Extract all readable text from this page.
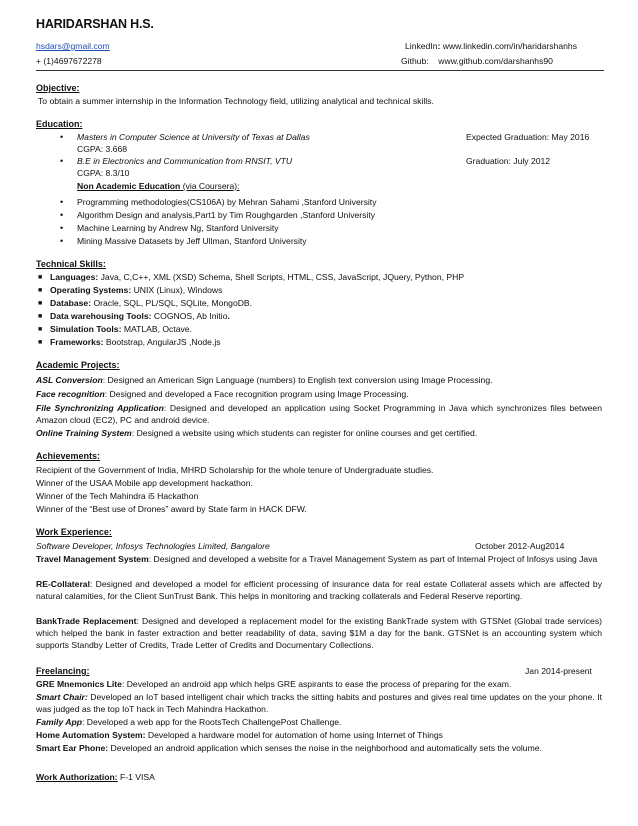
HARIDARSHAN H.S.
hsdars@gmail.com
+ (1)4697672278
LinkedIn: www.linkedin.com/in/haridarshanhs
Github: www.github.com/darshanhs90
Objective:
To obtain a summer internship in the Information Technology field, utilizing analytical and technical skills.
Education:
• Masters in Computer Science at University of Texas at Dallas	Expected Graduation: May 2016
CGPA: 3.668
• B.E in Electronics and Communication from RNSIT, VTU	Graduation: July 2012
CGPA: 8.3/10
Non Academic Education (via Coursera):
• Programming methodologies(CS106A) by Mehran Sahami ,Stanford University
• Algorithm Design and analysis,Part1 by Tim Roughgarden ,Stanford University
• Machine Learning by Andrew Ng, Stanford University
• Mining Massive Datasets by Jeff Ullman, Stanford University
Technical Skills:
■ Languages: Java, C,C++, XML (XSD) Schema, Shell Scripts, HTML, CSS, JavaScript, JQuery, Python, PHP
■ Operating Systems: UNIX (Linux), Windows
■ Database: Oracle, SQL, PL/SQL, SQLite, MongoDB.
■ Data warehousing Tools: COGNOS, Ab Initio.
■ Simulation Tools: MATLAB, Octave.
■ Frameworks: Bootstrap, AngularJS ,Node.js
Academic Projects:
ASL Conversion: Designed an American Sign Language (numbers) to English text conversion using Image Processing.
Face recognition: Designed and developed a Face recognition program using Image Processing.
File Synchronizing Application: Designed and developed an application using Socket Programming in Java which synchronizes files between Amazon cloud (EC2), PC and android device.
Online Training System: Designed a website using which students can register for online courses and get certified.
Achievements:
Recipient of the Government of India, MHRD Scholarship for the whole tenure of Undergraduate studies.
Winner of the USAA Mobile app development hackathon.
Winner of the Tech Mahindra i5 Hackathon
Winner of the “Best use of Drones” award by State farm in HACK DFW.
Work Experience:
Software Developer, Infosys Technologies Limited, Bangalore	October 2012-Aug2014
Travel Management System: Designed and developed a website for a Travel Management System as part of Internal Project of Infosys using Java
RE-Collateral: Designed and developed a model for efficient processing of insurance data for real estate Collateral assets which are affected by natural calamities, for the Client SunTrust Bank. This helps in monitoring and tracking collaterals and Federal Reserve reporting.
BankTrade Replacement: Designed and developed a replacement model for the existing BankTrade system with GTSNet (Global trade services) which helped the bank in faster extraction and better readability of data, saving $1M a day for the bank. GTSNet is an accounting system which supports Standby Letter of Credits, Trade Letter of Credits and Documentary Collections.
Freelancing:	Jan 2014-present
GRE Mnemonics Lite: Developed an android app which helps GRE aspirants to ease the process of preparing for the exam.
Smart Chair: Developed an IoT based intelligent chair which tracks the sitting habits and postures and gives real time updates on the your phone. It was judged as the top IoT hack in Tech Mahindra Hackathon.
Family App: Developed a web app for the RootsTech ChallengePost Challenge.
Home Automation System: Developed a hardware model for automation of home using Internet of Things
Smart Ear Phone: Developed an android application which senses the noise in the neighborhood and automatically sets the volume.
Work Authorization: F-1 VISA
